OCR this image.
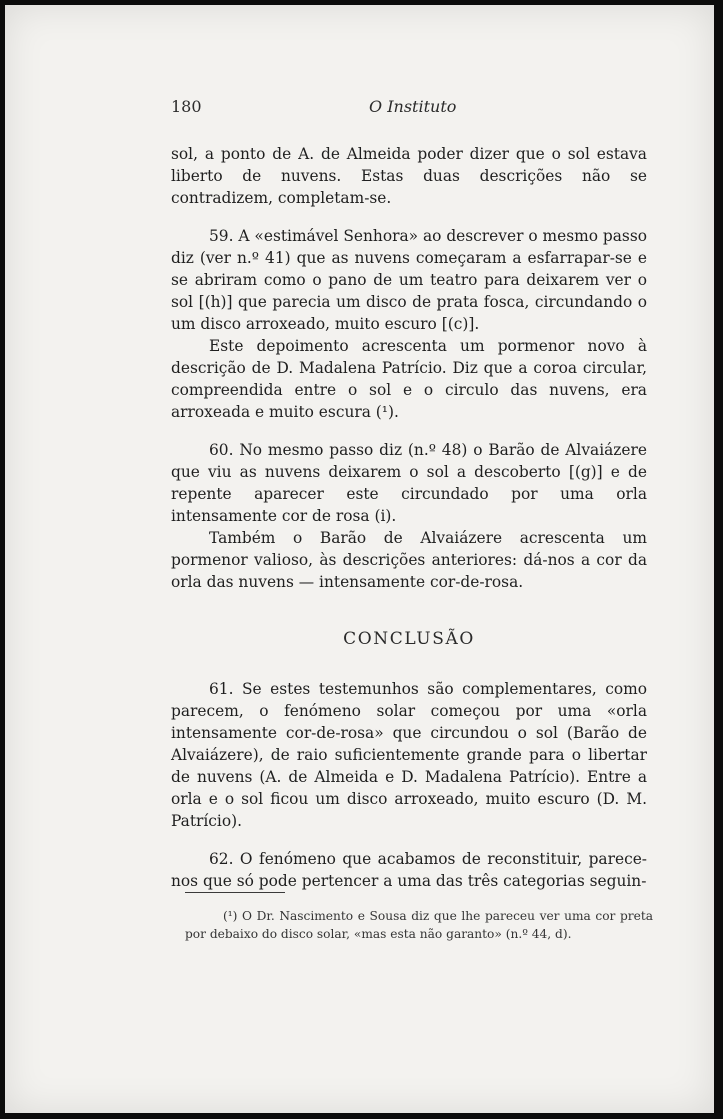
180	O Instituto

sol, a ponto de A. de Almeida poder dizer que o sol estava liberto de nuvens. Estas duas descrições não se contradizem, completam-se.

59. A «estimável Senhora» ao descrever o mesmo passo diz (ver n.º 41) que as nuvens começaram a esfarrapar-se e se abriram como o pano de um teatro para deixarem ver o sol [(h)] que parecia um disco de prata fosca, circundando o um disco arroxeado, muito escuro [(c)].

Este depoimento acrescenta um pormenor novo à descrição de D. Madalena Patrício. Diz que a coroa circular, compreendida entre o sol e o circulo das nuvens, era arroxeada e muito escura (¹).

60. No mesmo passo diz (n.º 48) o Barão de Alvaiázere que viu as nuvens deixarem o sol a descoberto [(g)] e de repente aparecer este circundado por uma orla intensamente cor de rosa (i).

Também o Barão de Alvaiázere acrescenta um pormenor valioso, às descrições anteriores: dá-nos a cor da orla das nuvens — intensamente cor-de-rosa.

CONCLUSÃO

61. Se estes testemunhos são complementares, como parecem, o fenómeno solar começou por uma «orla intensamente cor-de-rosa» que circundou o sol (Barão de Alvaiázere), de raio suficientemente grande para o libertar de nuvens (A. de Almeida e D. Madalena Patrício). Entre a orla e o sol ficou um disco arroxeado, muito escuro (D. M. Patrício).

62. O fenómeno que acabamos de reconstituir, parece-nos que só pode pertencer a uma das três categorias seguin-

(¹) O Dr. Nascimento e Sousa diz que lhe pareceu ver uma cor preta por debaixo do disco solar, «mas esta não garanto» (n.º 44, d).
